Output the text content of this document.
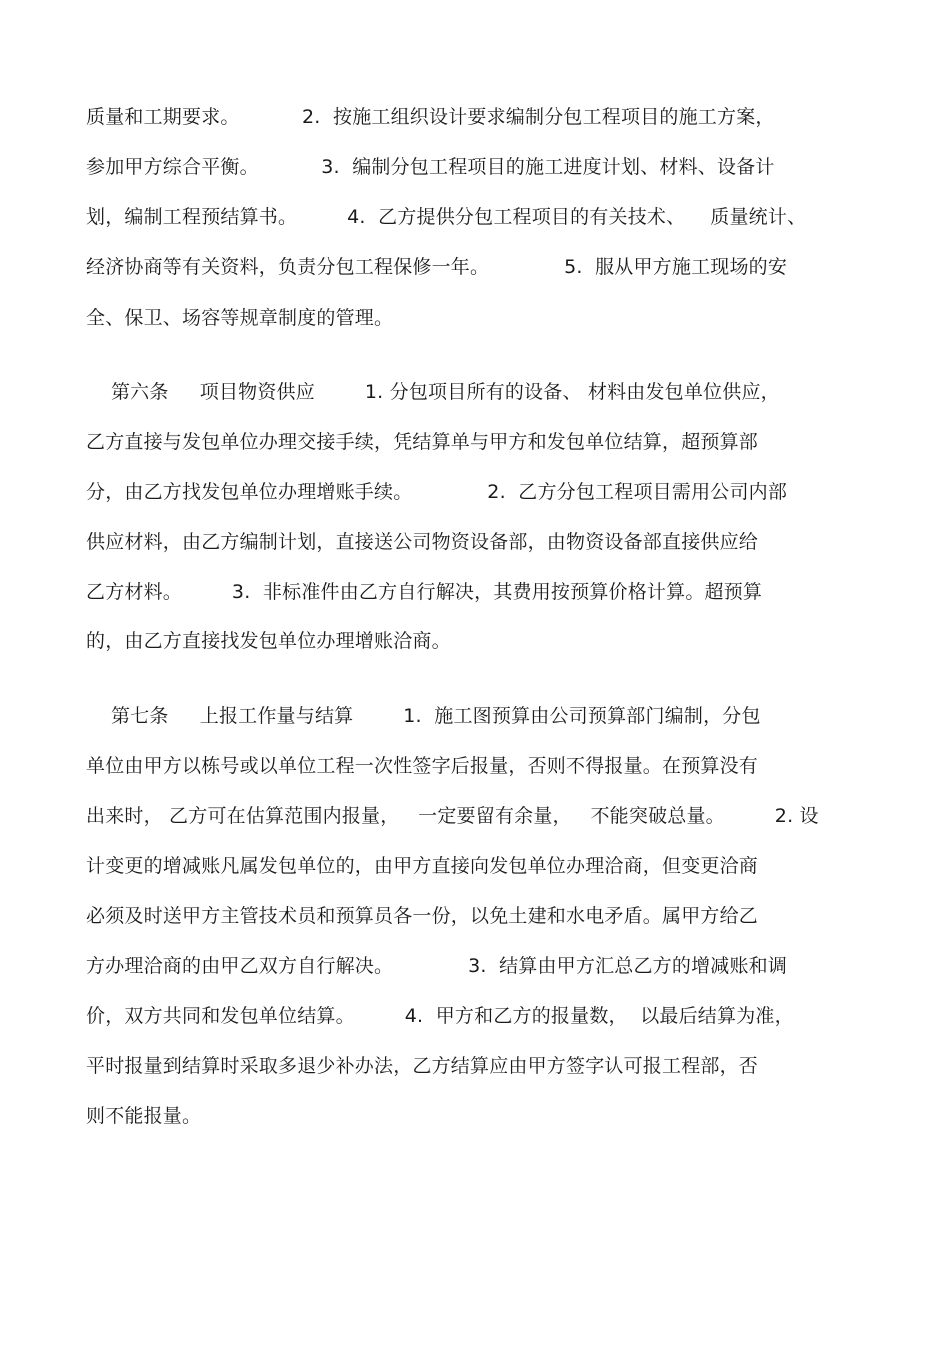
质量和工期要求。          2.  按施工组织设计要求编制分包工程项目的施工方案，
参加甲方综合平衡。          3.  编制分包工程项目的施工进度计划、材料、设备计
划，编制工程预结算书。        4.  乙方提供分包工程项目的有关技术、    质量统计、
经济协商等有关资料，负责分包工程保修一年。            5.  服从甲方施工现场的安
全、保卫、场容等规章制度的管理。
第六条     项目物资供应        1. 分包项目所有的设备、 材料由发包单位供应，
乙方直接与发包单位办理交接手续，凭结算单与甲方和发包单位结算，超预算部
分，由乙方找发包单位办理增账手续。            2.  乙方分包工程项目需用公司内部
供应材料，由乙方编制计划，直接送公司物资设备部，由物资设备部直接供应给
乙方材料。        3.  非标准件由乙方自行解决，其费用按预算价格计算。超预算
的，由乙方直接找发包单位办理增账洽商。
第七条     上报工作量与结算        1.  施工图预算由公司预算部门编制，分包
单位由甲方以栋号或以单位工程一次性签字后报量，否则不得报量。在预算没有
出来时， 乙方可在估算范围内报量，   一定要留有余量，   不能突破总量。        2. 设
计变更的增减账凡属发包单位的，由甲方直接向发包单位办理洽商，但变更洽商
必须及时送甲方主管技术员和预算员各一份，以免土建和水电矛盾。属甲方给乙
方办理洽商的由甲乙双方自行解决。            3.  结算由甲方汇总乙方的增减账和调
价，双方共同和发包单位结算。        4.  甲方和乙方的报量数，  以最后结算为准，
平时报量到结算时采取多退少补办法，乙方结算应由甲方签字认可报工程部，否
则不能报量。
